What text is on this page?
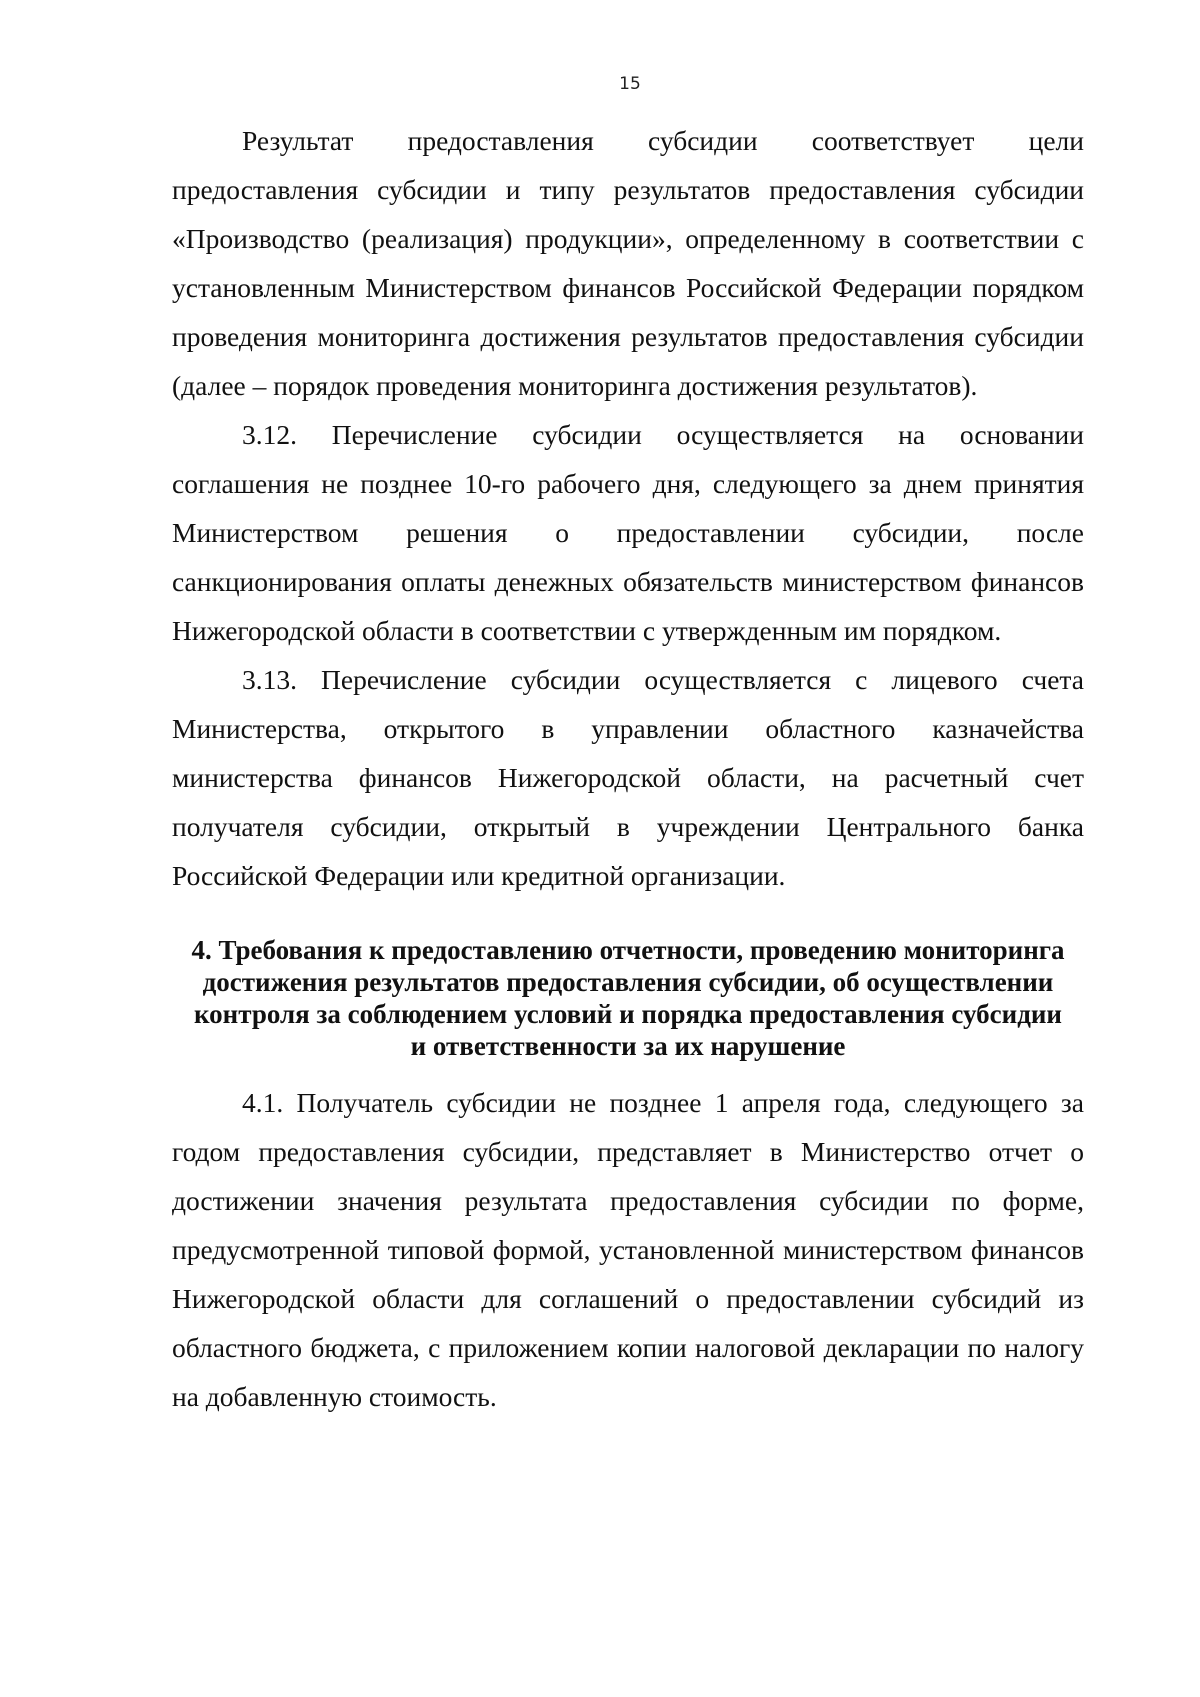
15

Результат предоставления субсидии соответствует цели предоставления субсидии и типу результатов предоставления субсидии «Производство (реализация) продукции», определенному в соответствии с установленным Министерством финансов Российской Федерации порядком проведения мониторинга достижения результатов предоставления субсидии (далее – порядок проведения мониторинга достижения результатов).

3.12. Перечисление субсидии осуществляется на основании соглашения не позднее 10-го рабочего дня, следующего за днем принятия Министерством решения о предоставлении субсидии, после санкционирования оплаты денежных обязательств министерством финансов Нижегородской области в соответствии с утвержденным им порядком.

3.13. Перечисление субсидии осуществляется с лицевого счета Министерства, открытого в управлении областного казначейства министерства финансов Нижегородской области, на расчетный счет получателя субсидии, открытый в учреждении Центрального банка Российской Федерации или кредитной организации.

4. Требования к предоставлению отчетности, проведению мониторинга достижения результатов предоставления субсидии, об осуществлении контроля за соблюдением условий и порядка предоставления субсидии и ответственности за их нарушение

4.1. Получатель субсидии не позднее 1 апреля года, следующего за годом предоставления субсидии, представляет в Министерство отчет о достижении значения результата предоставления субсидии по форме, предусмотренной типовой формой, установленной министерством финансов Нижегородской области для соглашений о предоставлении субсидий из областного бюджета, с приложением копии налоговой декларации по налогу на добавленную стоимость.
